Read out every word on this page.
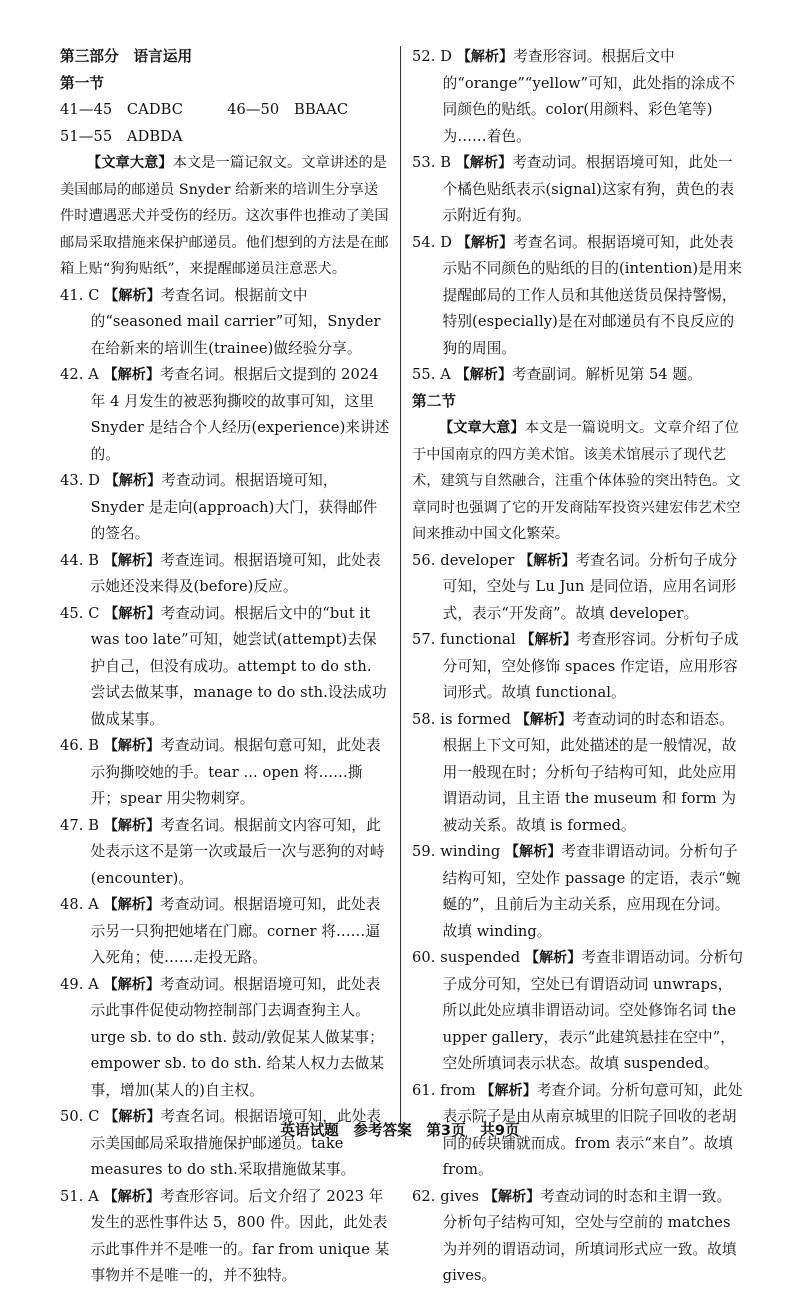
第三部分　语言运用
第一节
41—45　CADBC　　　46—50　BBAAC
51—55　ADBDA
【文章大意】本文是一篇记叙文。文章讲述的是美国邮局的邮递员 Snyder 给新来的培训生分享送件时遭遇恶犬并受伤的经历。这次事件也推动了美国邮局采取措施来保护邮递员。他们想到的方法是在邮箱上贴“狗狗贴纸”，来提醒邮递员注意恶犬。
41. C 【解析】考查名词。根据前文中的“seasoned mail carrier”可知，Snyder 在给新来的培训生(trainee)做经验分享。
42. A 【解析】考查名词。根据后文提到的 2024 年 4 月发生的被恶狗撕咬的故事可知，这里 Snyder 是结合个人经历(experience)来讲述的。
43. D 【解析】考查动词。根据语境可知，Snyder 是走向(approach)大门，获得邮件的签名。
44. B 【解析】考查连词。根据语境可知，此处表示她还没来得及(before)反应。
45. C 【解析】考查动词。根据后文中的“but it was too late”可知，她尝试(attempt)去保护自己，但没有成功。attempt to do sth. 尝试去做某事，manage to do sth.设法成功做成某事。
46. B 【解析】考查动词。根据句意可知，此处表示狗撕咬她的手。tear ... open 将……撕开；spear 用尖物刺穿。
47. B 【解析】考查名词。根据前文内容可知，此处表示这不是第一次或最后一次与恶狗的对峙(encounter)。
48. A 【解析】考查动词。根据语境可知，此处表示另一只狗把她堵在门廊。corner 将……逼入死角；使……走投无路。
49. A 【解析】考查动词。根据语境可知，此处表示此事件促使动物控制部门去调查狗主人。urge sb. to do sth. 鼓动/敦促某人做某事；empower sb. to do sth. 给某人权力去做某事，增加(某人的)自主权。
50. C 【解析】考查名词。根据语境可知，此处表示美国邮局采取措施保护邮递员。take measures to do sth.采取措施做某事。
51. A 【解析】考查形容词。后文介绍了 2023 年发生的恶性事件达 5，800 件。因此，此处表示此事件并不是唯一的。far from unique 某事物并不是唯一的，并不独特。
52. D 【解析】考查形容词。根据后文中的“orange”“yellow”可知，此处指的涂成不同颜色的贴纸。color(用颜料、彩色笔等)为……着色。
53. B 【解析】考查动词。根据语境可知，此处一个橘色贴纸表示(signal)这家有狗，黄色的表示附近有狗。
54. D 【解析】考查名词。根据语境可知，此处表示贴不同颜色的贴纸的目的(intention)是用来提醒邮局的工作人员和其他送货员保持警惕，特别(especially)是在对邮递员有不良反应的狗的周围。
55. A 【解析】考查副词。解析见第 54 题。
第二节
【文章大意】本文是一篇说明文。文章介绍了位于中国南京的四方美术馆。该美术馆展示了现代艺术，建筑与自然融合，注重个体体验的突出特色。文章同时也强调了它的开发商陆军投资兴建宏伟艺术空间来推动中国文化繁荣。
56. developer 【解析】考查名词。分析句子成分可知，空处与 Lu Jun 是同位语，应用名词形式，表示“开发商”。故填 developer。
57. functional 【解析】考查形容词。分析句子成分可知，空处修饰 spaces 作定语，应用形容词形式。故填 functional。
58. is formed 【解析】考查动词的时态和语态。根据上下文可知，此处描述的是一般情况，故用一般现在时；分析句子结构可知，此处应用谓语动词，且主语 the museum 和 form 为被动关系。故填 is formed。
59. winding 【解析】考查非谓语动词。分析句子结构可知，空处作 passage 的定语，表示“蜿蜒的”，且前后为主动关系，应用现在分词。故填 winding。
60. suspended 【解析】考查非谓语动词。分析句子成分可知，空处已有谓语动词 unwraps，所以此处应填非谓语动词。空处修饰名词 the upper gallery，表示“此建筑悬挂在空中”，空处所填词表示状态。故填 suspended。
61. from 【解析】考查介词。分析句意可知，此处表示院子是由从南京城里的旧院子回收的老胡同的砖块铺就而成。from 表示“来自”。故填 from。
62. gives 【解析】考查动词的时态和主谓一致。分析句子结构可知，空处与空前的 matches 为并列的谓语动词，所填词形式应一致。故填 gives。
英语试题　参考答案　第3页　共9页
